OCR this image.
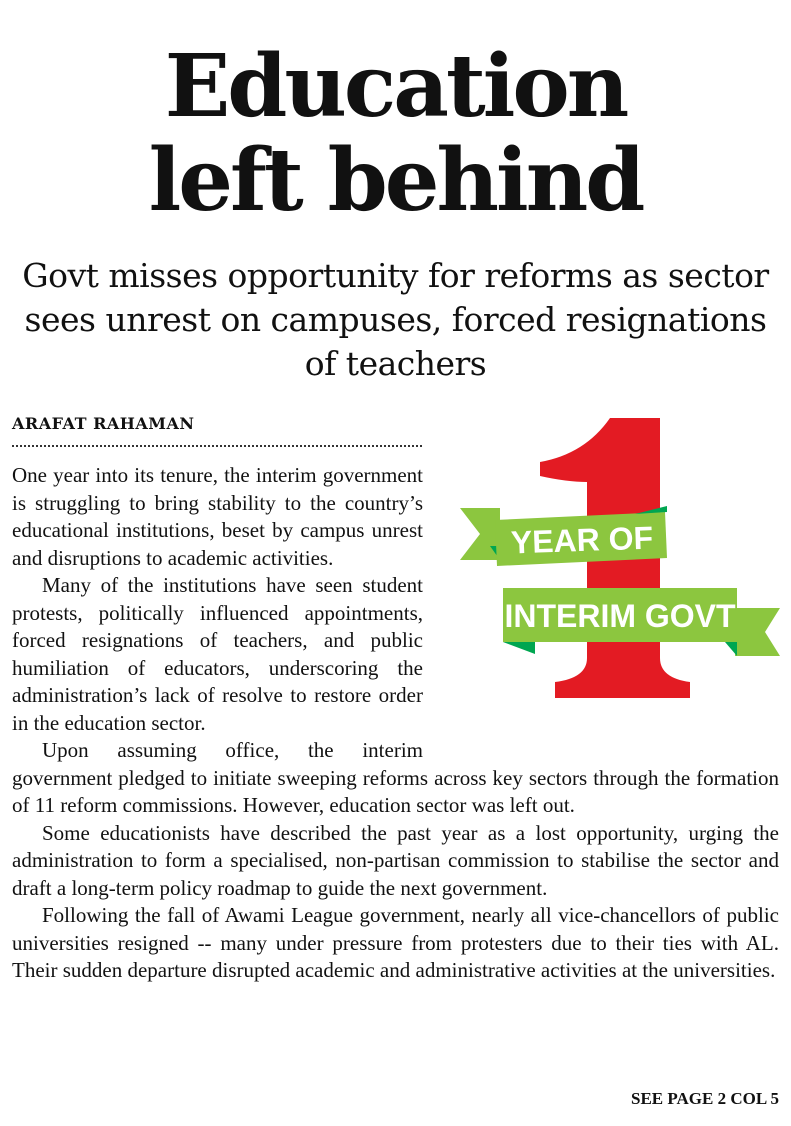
Education
left behind

Govt misses opportunity for reforms as sector sees unrest on campuses, forced resignations of teachers

ARAFAT RAHAMAN

One year into its tenure, the interim government is struggling to bring stability to the country’s educational institutions, beset by campus unrest and disruptions to academic activities.

Many of the institutions have seen student protests, politically influenced appointments, forced resignations of teachers, and public humiliation of educators, underscoring the administration’s lack of resolve to restore order in the education sector.

Upon assuming office, the interim government pledged to initiate sweeping reforms across key sectors through the formation of 11 reform commissions. However, education sector was left out.

Some educationists have described the past year as a lost opportunity, urging the administration to form a specialised, non-partisan commission to stabilise the sector and draft a long-term policy roadmap to guide the next government.

Following the fall of Awami League government, nearly all vice-chancellors of public universities resigned -- many under pressure from protesters due to their ties with AL. Their sudden departure disrupted academic and administrative activities at the universities.

YEAR OF
INTERIM GOVT
SEE PAGE 2 COL 5
